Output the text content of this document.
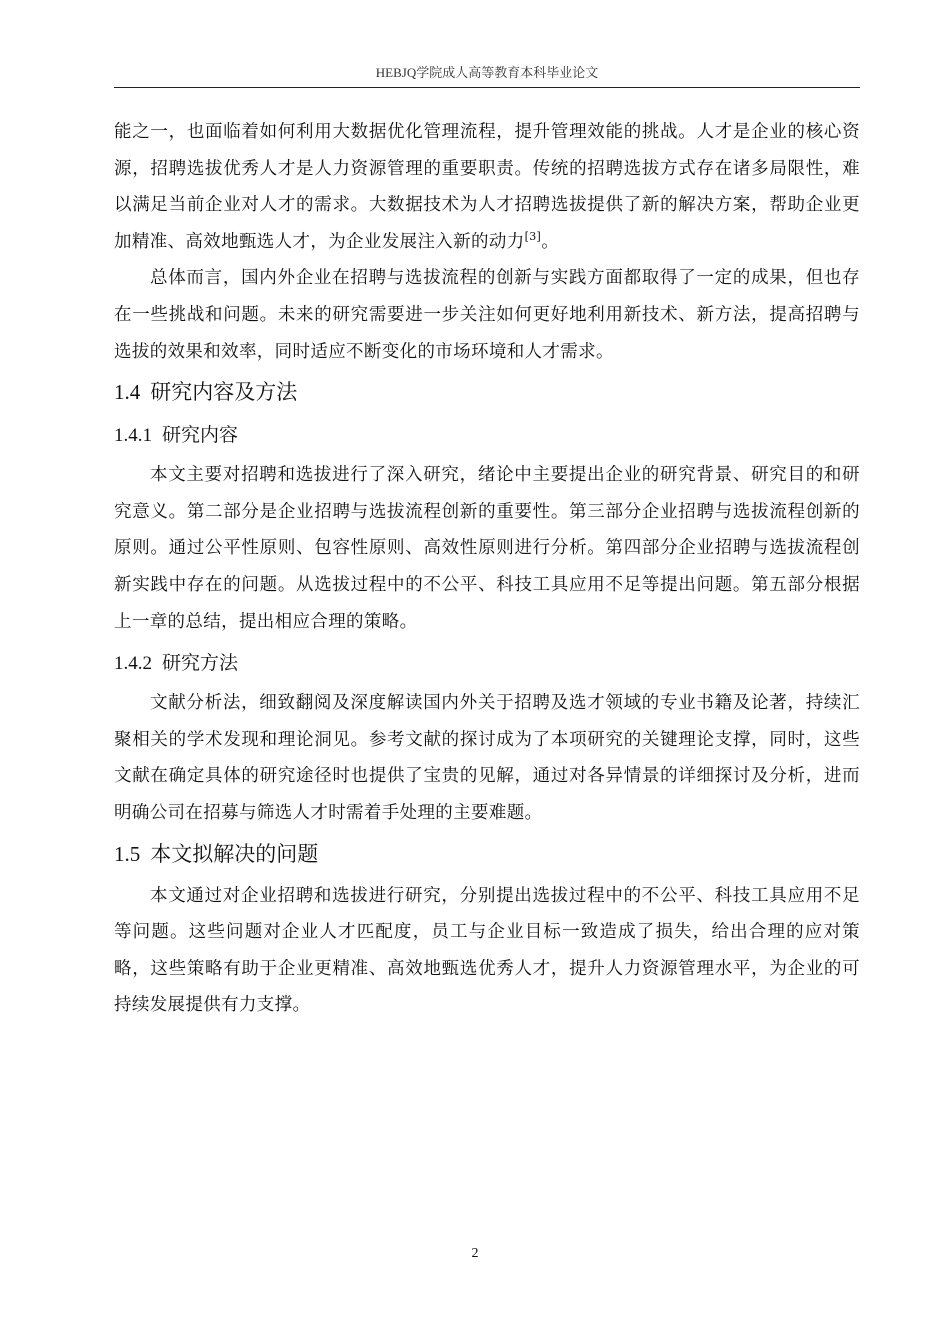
HEBJQ学院成人高等教育本科毕业论文

能之一，也面临着如何利用大数据优化管理流程，提升管理效能的挑战。人才是企业的核心资源，招聘选拔优秀人才是人力资源管理的重要职责。传统的招聘选拔方式存在诸多局限性，难以满足当前企业对人才的需求。大数据技术为人才招聘选拔提供了新的解决方案，帮助企业更加精准、高效地甄选人才，为企业发展注入新的动力[3]。

总体而言，国内外企业在招聘与选拔流程的创新与实践方面都取得了一定的成果，但也存在一些挑战和问题。未来的研究需要进一步关注如何更好地利用新技术、新方法，提高招聘与选拔的效果和效率，同时适应不断变化的市场环境和人才需求。

1.4 研究内容及方法
1.4.1 研究内容

本文主要对招聘和选拔进行了深入研究，绪论中主要提出企业的研究背景、研究目的和研究意义。第二部分是企业招聘与选拔流程创新的重要性。第三部分企业招聘与选拔流程创新的原则。通过公平性原则、包容性原则、高效性原则进行分析。第四部分企业招聘与选拔流程创新实践中存在的问题。从选拔过程中的不公平、科技工具应用不足等提出问题。第五部分根据上一章的总结，提出相应合理的策略。

1.4.2 研究方法

文献分析法，细致翻阅及深度解读国内外关于招聘及选才领域的专业书籍及论著，持续汇聚相关的学术发现和理论洞见。参考文献的探讨成为了本项研究的关键理论支撑，同时，这些文献在确定具体的研究途径时也提供了宝贵的见解，通过对各异情景的详细探讨及分析，进而明确公司在招募与筛选人才时需着手处理的主要难题。

1.5 本文拟解决的问题

本文通过对企业招聘和选拔进行研究，分别提出选拔过程中的不公平、科技工具应用不足等问题。这些问题对企业人才匹配度，员工与企业目标一致造成了损失，给出合理的应对策略，这些策略有助于企业更精准、高效地甄选优秀人才，提升人力资源管理水平，为企业的可持续发展提供有力支撑。

2
